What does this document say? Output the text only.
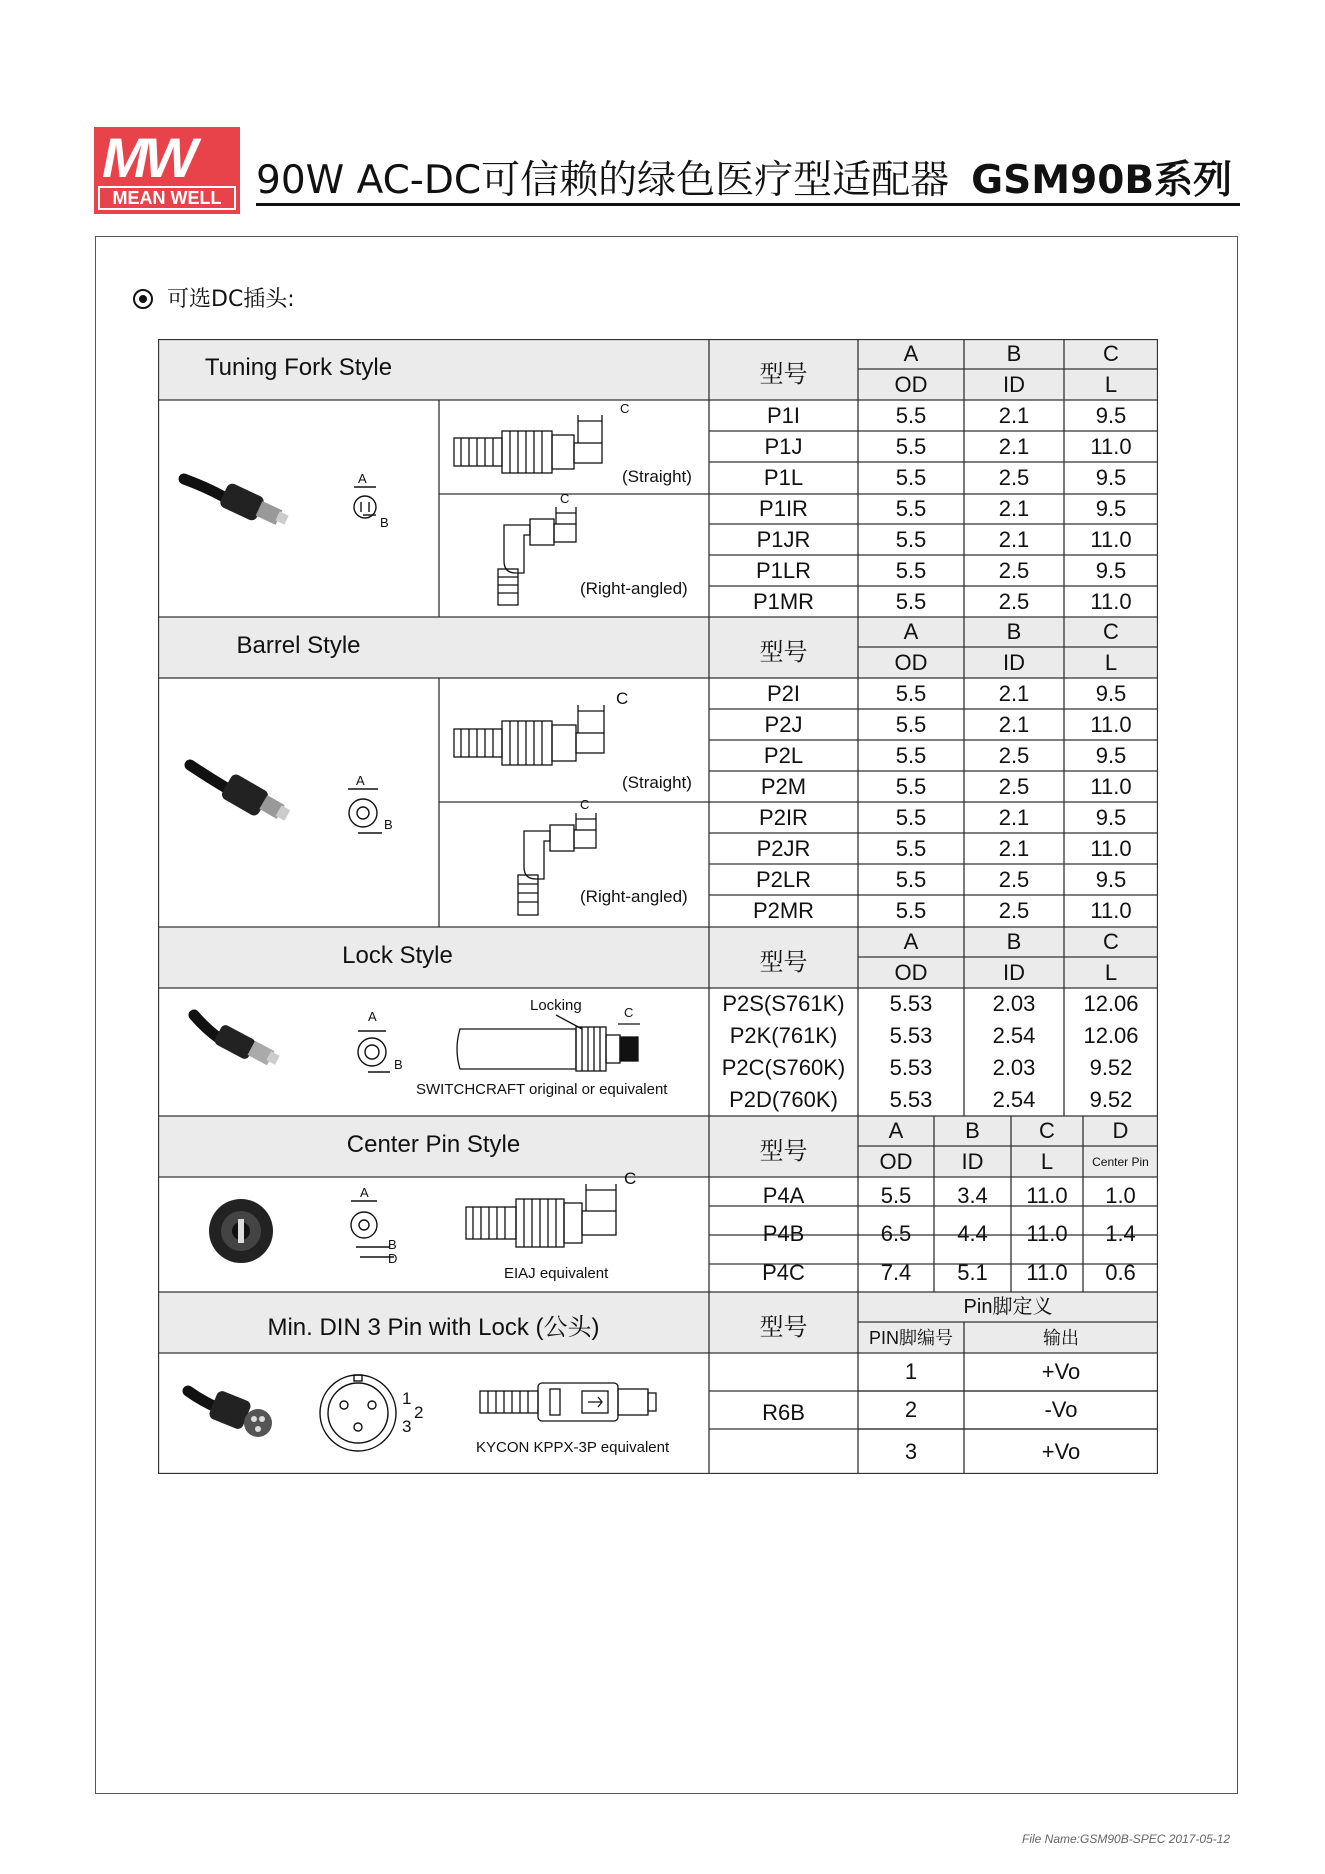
MW
MEAN WELL 90W AC-DC可信赖的绿色医疗型适配器 GSM90B系列
可选DC插头:
Tuning Fork Style	型号
A	B	C
OD	ID	L
(Straight)
(Right-angled)
A
B
C
C
Barrel Style	型号
A	B	C
OD	ID	L
(Straight)
(Right-angled)
A
B
C
C
Lock Style	型号
A	B	C
OD	ID	L
Locking
SWITCHCRAFT original or equivalent
A
B
C
Center Pin Style	型号
A	B	C	D
OD	ID	L	Center Pin
EIAJ equivalent
A
B
D
C
Min. DIN 3 Pin with Lock (公头)	型号
Pin脚定义
PIN脚编号	输出
R6B
KYCON KPPX-3P equivalent
1
2
3
P1I	5.5	2.1	9.5
P1J	5.5	2.1	11.0
P1L	5.5	2.5	9.5
P1IR	5.5	2.1	9.5
P1JR	5.5	2.1	11.0
P1LR	5.5	2.5	9.5
P1MR	5.5	2.5	11.0
P2I	5.5	2.1	9.5
P2J	5.5	2.1	11.0
P2L	5.5	2.5	9.5
P2M	5.5	2.5	11.0
P2IR	5.5	2.1	9.5
P2JR	5.5	2.1	11.0
P2LR	5.5	2.5	9.5
P2MR	5.5	2.5	11.0
P2S(S761K)	5.53	2.03	12.06
P2K(761K)	5.53	2.54	12.06
P2C(S760K)	5.53	2.03	9.52
P2D(760K)	5.53	2.54	9.52
P4A	5.5	3.4	11.0	1.0
P4B	6.5	4.4	11.0	1.4
P4C	7.4	5.1	11.0	0.6
1	+Vo
2	-Vo
3	+Vo
File Name:GSM90B-SPEC 2017-05-12
